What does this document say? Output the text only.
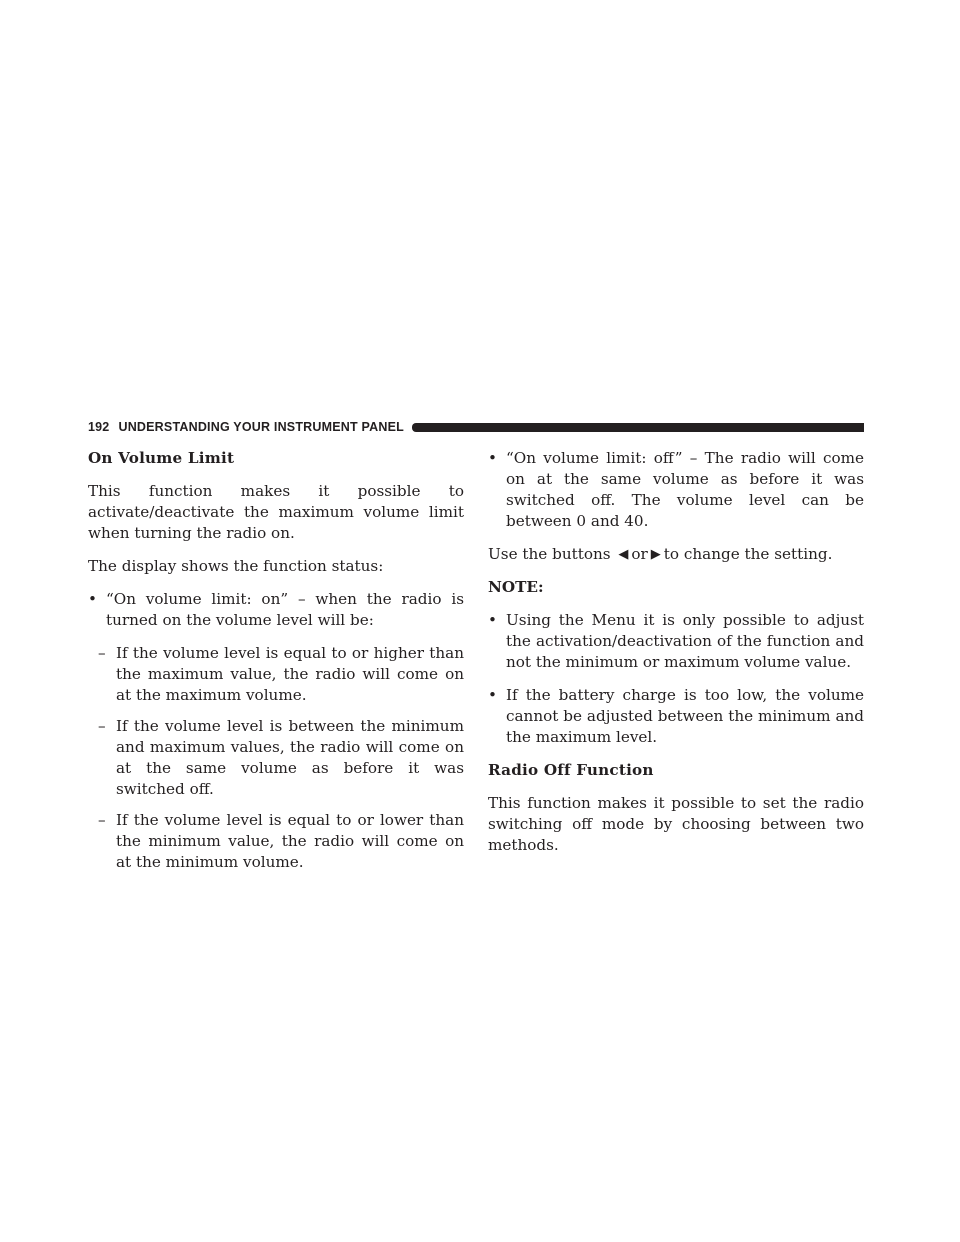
192 UNDERSTANDING YOUR INSTRUMENT PANEL
On Volume Limit

This function makes it possible to activate/deactivate the maximum volume limit when turning the radio on.

The display shows the function status:

• “On volume limit: on” – when the radio is turned on the volume level will be:
– If the volume level is equal to or higher than the maximum value, the radio will come on at the maximum volume.
– If the volume level is between the minimum and maximum values, the radio will come on at the same volume as before it was switched off.
– If the volume level is equal to or lower than the minimum value, the radio will come on at the minimum volume.
• “On volume limit: off” – The radio will come on at the same volume as before it was switched off. The volume level can be between 0 and 40.

Use the buttons ◀ or ▶ to change the setting.

NOTE:
• Using the Menu it is only possible to adjust the activation/deactivation of the function and not the minimum or maximum volume value.
• If the battery charge is too low, the volume cannot be adjusted between the minimum and the maximum level.
Radio Off Function

This function makes it possible to set the radio switching off mode by choosing between two methods.
